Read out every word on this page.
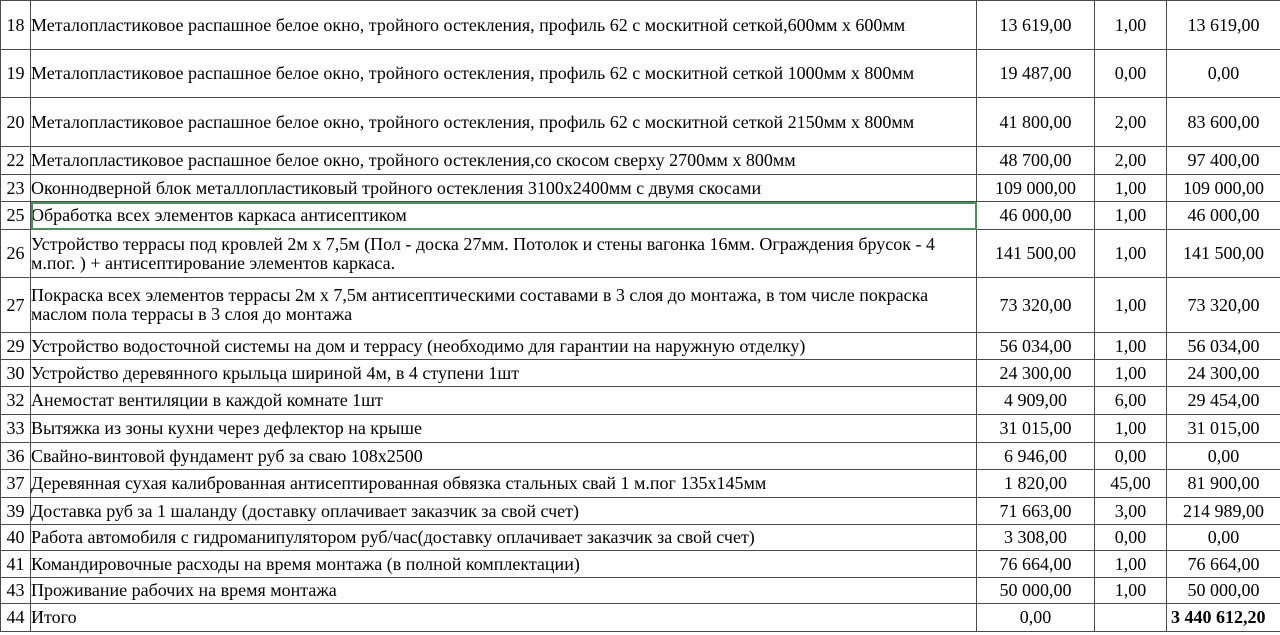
18	Металопластиковое распашное белое окно, тройного остекления, профиль 62 с москитной сеткой,600мм x 600мм	13 619,00	1,00	13 619,00
19	Металопластиковое распашное белое окно, тройного остекления, профиль 62 с москитной сеткой 1000мм x 800мм	19 487,00	0,00	0,00
20	Металопластиковое распашное белое окно, тройного остекления, профиль 62 с москитной сеткой 2150мм x 800мм	41 800,00	2,00	83 600,00
22	Металопластиковое распашное белое окно, тройного остекления,со скосом сверху 2700мм x 800мм	48 700,00	2,00	97 400,00
23	Оконнодверной блок металлопластиковый тройного остекления 3100x2400мм с двумя скосами	109 000,00	1,00	109 000,00
25	Обработка всех элементов каркаса антисептиком	46 000,00	1,00	46 000,00
26	Устройство террасы под кровлей 2м х 7,5м (Пол - доска 27мм. Потолок и стены вагонка 16мм. Ограждения брусок - 4 м.пог. ) + антисептирование элементов каркаса.	141 500,00	1,00	141 500,00
27	Покраска всех элементов террасы 2м х 7,5м антисептическими составами в 3 слоя до монтажа, в том числе покраска маслом пола террасы в 3 слоя до монтажа	73 320,00	1,00	73 320,00
29	Устройство водосточной системы на дом и террасу (необходимо для гарантии на наружную отделку)	56 034,00	1,00	56 034,00
30	Устройство деревянного крыльца шириной 4м, в 4 ступени 1шт	24 300,00	1,00	24 300,00
32	Анемостат вентиляции в каждой комнате 1шт	4 909,00	6,00	29 454,00
33	Вытяжка из зоны кухни через дефлектор на крыше	31 015,00	1,00	31 015,00
36	Свайно-винтовой фундамент руб за сваю 108х2500	6 946,00	0,00	0,00
37	Деревянная сухая калиброванная антисептированная обвязка стальных свай 1 м.пог 135х145мм	1 820,00	45,00	81 900,00
39	Доставка руб за 1 шаланду (доставку оплачивает заказчик за свой счет)	71 663,00	3,00	214 989,00
40	Работа автомобиля с гидроманипулятором руб/час(доставку оплачивает заказчик за свой счет)	3 308,00	0,00	0,00
41	Командировочные расходы на время монтажа (в полной комплектации)	76 664,00	1,00	76 664,00
43	Проживание рабочих на время монтажа	50 000,00	1,00	50 000,00
44	Итого	0,00		3 440 612,20
